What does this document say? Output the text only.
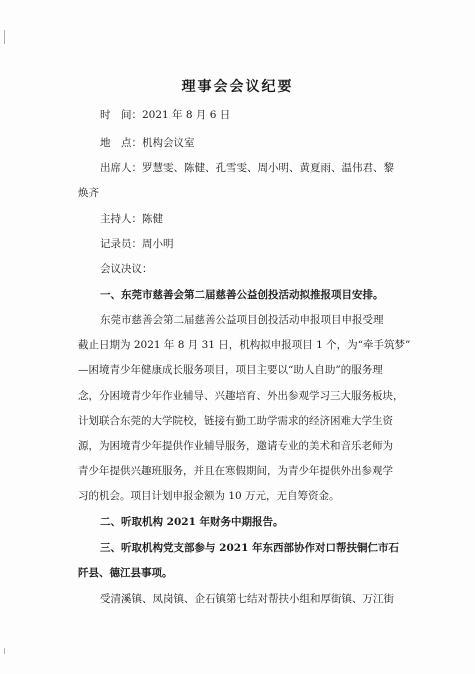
理事会会议纪要
时　间：2021 年 8 月 6 日
地　点：机构会议室
出席人：罗慧雯、陈健、孔雪雯、周小明、黄夏雨、温伟君、黎
焕齐
主持人：陈健
记录员：周小明
会议决议：
一、东莞市慈善会第二届慈善公益创投活动拟推报项目安排。
东莞市慈善会第二届慈善公益项目创投活动申报项目申报受理
截止日期为 2021 年 8 月 31 日，机构拟申报项目 1 个，为“牵手筑梦”
—困境青少年健康成长服务项目，项目主要以“助人自助”的服务理
念，分困境青少年作业辅导、兴趣培育、外出参观学习三大服务板块，
计划联合东莞的大学院校，链接有勤工助学需求的经济困难大学生资
源，为困境青少年提供作业辅导服务，邀请专业的美术和音乐老师为
青少年提供兴趣班服务，并且在寒假期间，为青少年提供外出参观学
习的机会。项目计划申报金额为 10 万元，无自筹资金。
二、听取机构 2021 年财务中期报告。
三、听取机构党支部参与 2021 年东西部协作对口帮扶铜仁市石
阡县、德江县事项。
受清溪镇、凤岗镇、企石镇第七结对帮扶小组和厚街镇、万江街
